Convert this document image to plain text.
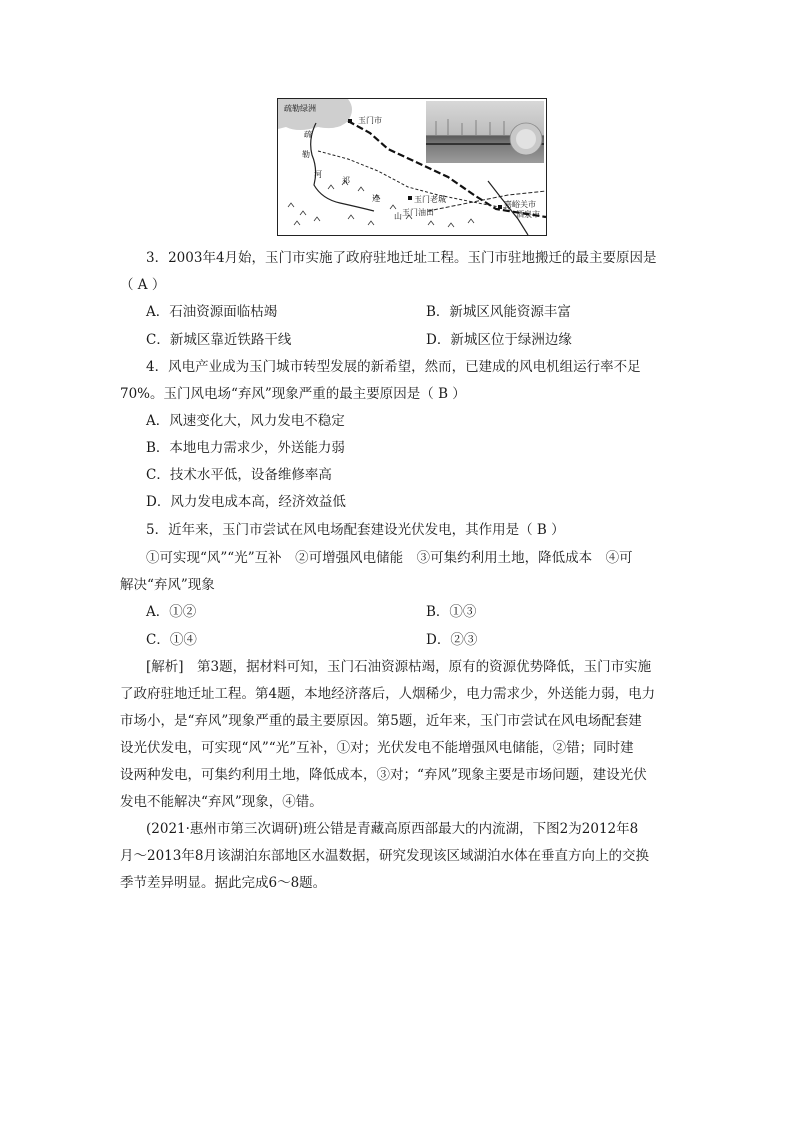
疏勒绿洲
玉门市
疏
勒
河
祁
连
山
玉门老城
玉门油田
嘉峪关市
酒泉市
3．2003年4月始，玉门市实施了政府驻地迁址工程。玉门市驻地搬迁的最主要原因是
（ A ）
A．石油资源面临枯竭	B．新城区风能资源丰富
C．新城区靠近铁路干线	D．新城区位于绿洲边缘
4．风电产业成为玉门城市转型发展的新希望，然而，已建成的风电机组运行率不足
70%。玉门风电场“弃风”现象严重的最主要原因是（ B ）
A．风速变化大，风力发电不稳定
B．本地电力需求少，外送能力弱
C．技术水平低，设备维修率高
D．风力发电成本高，经济效益低
5．近年来，玉门市尝试在风电场配套建设光伏发电，其作用是（ B ）
①可实现“风”“光”互补　②可增强风电储能　③可集约利用土地，降低成本　④可
解决“弃风”现象
A．①②	B．①③
C．①④	D．②③
[解析]　第3题，据材料可知，玉门石油资源枯竭，原有的资源优势降低，玉门市实施
了政府驻地迁址工程。第4题，本地经济落后，人烟稀少，电力需求少，外送能力弱，电力
市场小，是“弃风”现象严重的最主要原因。第5题，近年来，玉门市尝试在风电场配套建
设光伏发电，可实现“风”“光”互补，①对；光伏发电不能增强风电储能，②错；同时建
设两种发电，可集约利用土地，降低成本，③对；“弃风”现象主要是市场问题，建设光伏
发电不能解决“弃风”现象，④错。
(2021·惠州市第三次调研)班公错是青藏高原西部最大的内流湖，下图2为2012年8
月～2013年8月该湖泊东部地区水温数据，研究发现该区域湖泊水体在垂直方向上的交换
季节差异明显。据此完成6～8题。
